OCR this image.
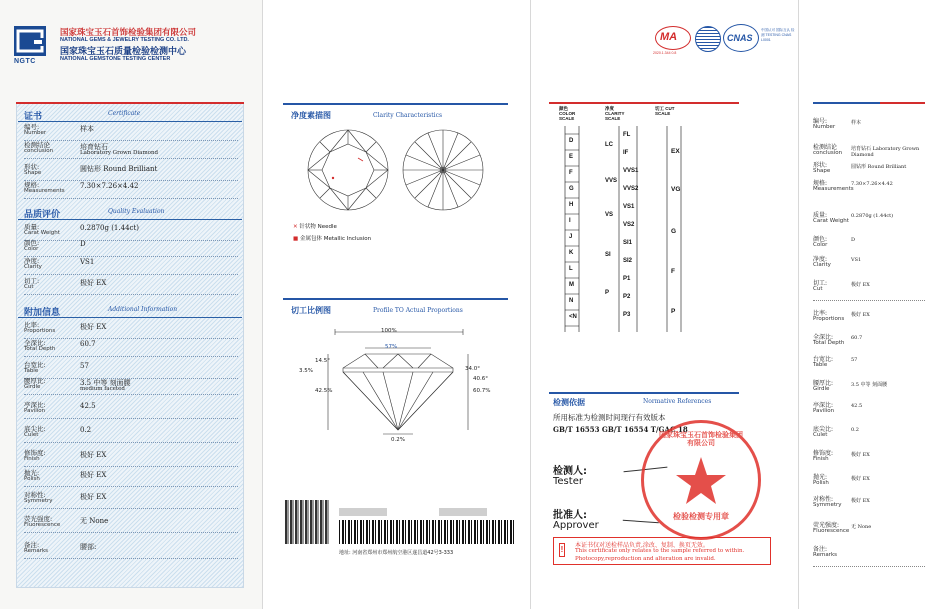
NGTC
国家珠宝玉石首饰检验集团有限公司
NATIONAL GEMS & JEWELRY TESTING CO. LTD.
国家珠宝玉石质量检验检测中心
NATIONAL GEMSTONE TESTING CENTER
证书	Certificate
品质评价	Quality Evaluation
附加信息	Additional Information
编号:
Number	样本
检测结论
conclusion	培育钻石
Laboratory Grown Diamond
形状:
Shape	圆钻形 Round Brilliant
规格:
Measurements
7.30×7.26×4.42
质量:
Carat Weight
0.2870g (1.44ct)
颜色:
Color
D
净度:
Clarity
VS1
切工:
Cut	极好 EX
比率:
Proportions	极好 EX
全深比:
Total Depth
60.7
台宽比:
Table
57
腰厚比:
Girdle	3.5 中等 刻面腰
medium faceted
亭深比:
Pavilion
42.5
底尖比:
Culet
0.2
修饰度:
Finish	极好 EX
抛光:
Polish	极好 EX
对称性:
Symmetry	极好 EX
荧光强度:
Fluorescence	无 None
备注:
Remarks	腰部:
净度素描图	Clarity Characteristics
✕ 针状物 Needle
■ 金属包体 Metallic Inclusion
切工比例图	Profile TO Actual Proportions
100%
57%
14.5°
3.5%
42.5%
34.0°
40.6°
60.7%
0.2%
地址: 河南省郑州市郑州航空港区遂昌道42号3-333
MA
2020.1.344 0.8
CNAS
中国认可 国际互认 检测 TESTING CNAS L0001
颜色 COLOR SCALE
净度 CLARITY SCALE
切工 CUT SCALE
D
E
F
G
H
I
J
K
L
M
N
<N
FL
IF
VVS1
VVS2
VS1
VS2
SI1
SI2
P1
P2
P3
LC
VVS
VS
SI
P
EX
VG
G
F
P
检测依据	Normative References
所用标准为检测时间现行有效版本
GB/T 16553 GB/T 16554 T/GAC 18
检测人:
Tester
批准人:
Approver
国家珠宝玉石首饰检验集团有限公司
检验检测专用章
! 本证书仅对送检样品负责,涂改、复制、换页无效。
This certificate only relates to the sample referred to within.
Photocopy,reproduction and alteration are invalid.
编号:
Number
样本
检测结论
conclusion
培育钻石 Laboratory Grown Diamond
形状:
Shape
圆钻形 Round Brilliant
规格:
Measurements
7.30×7.26×4.42
质量:
Carat Weight
0.2870g (1.44ct)
颜色:
Color
D
净度:
Clarity
VS1
切工:
Cut
极好 EX
比率:
Proportions
极好 EX
全深比:
Total Depth
60.7
台宽比:
Table
57
腰厚比:
Girdle
3.5 中等 刻面腰
亭深比:
Pavilion
42.5
底尖比:
Culet
0.2
修饰度:
Finish
极好 EX
抛光:
Polish
极好 EX
对称性:
Symmetry
极好 EX
荧光强度:
Fluorescence
无 None
备注:
Remarks
